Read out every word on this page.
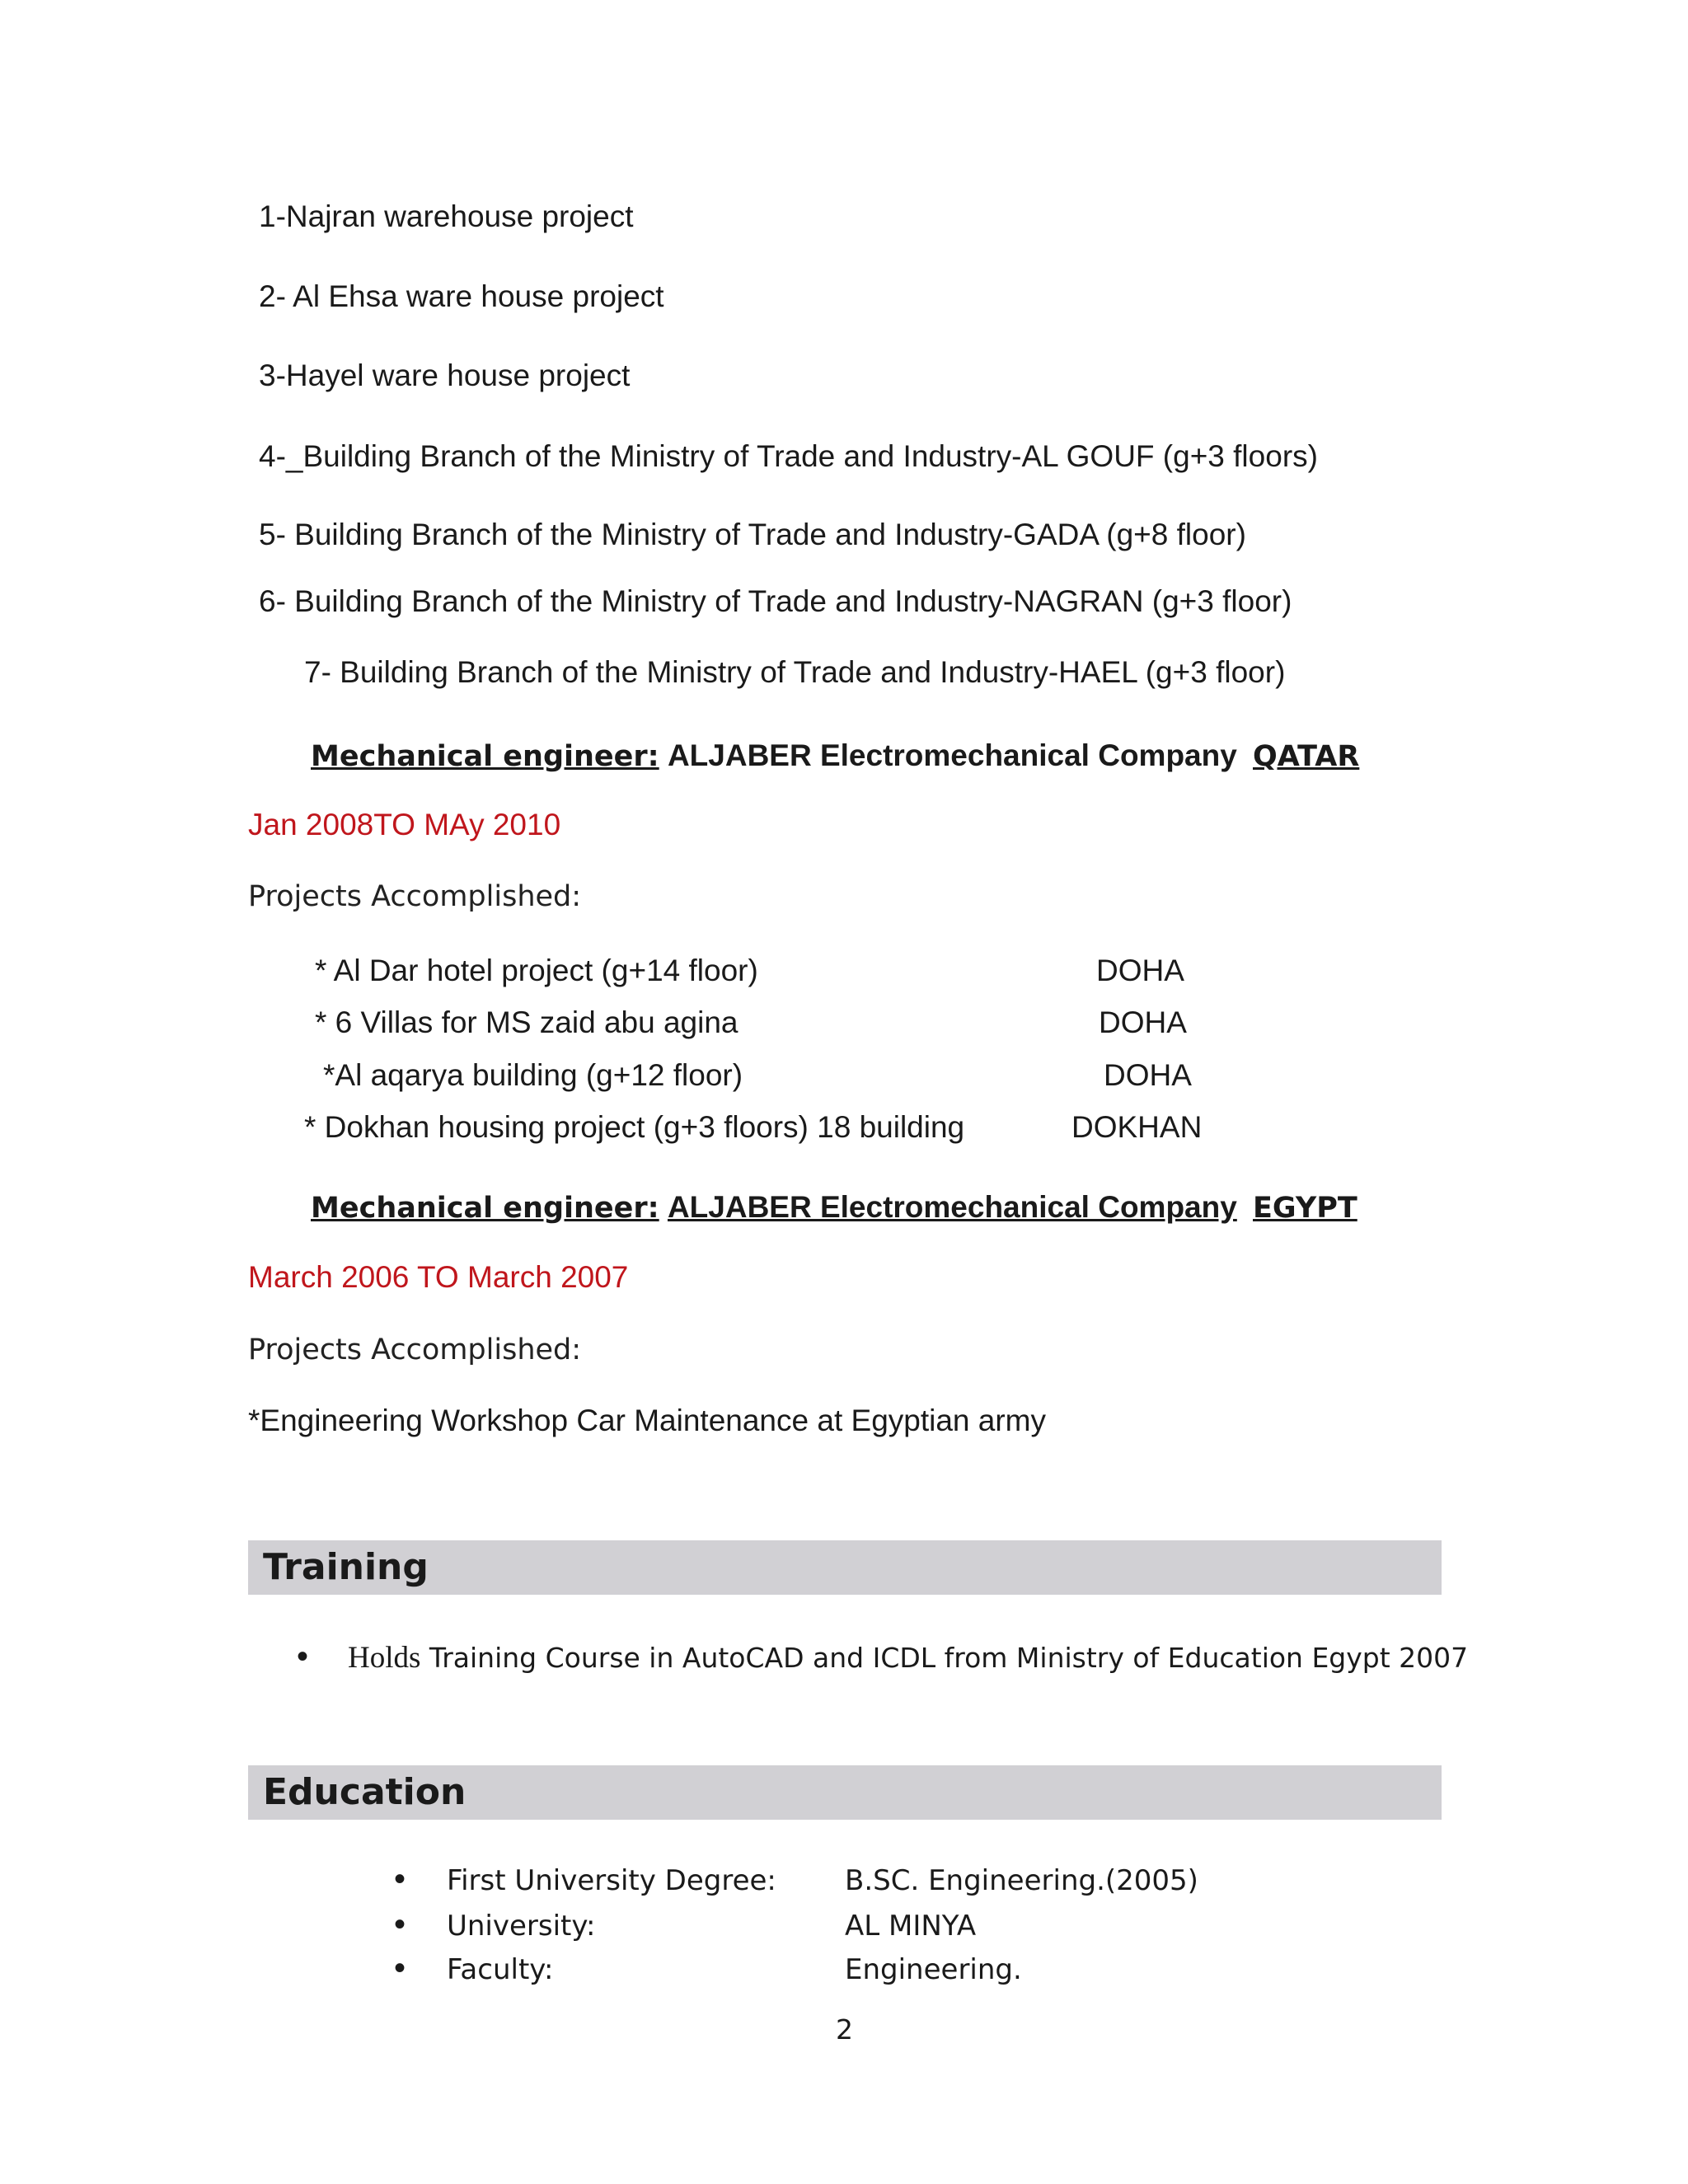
1-Najran warehouse project
2- Al Ehsa ware house project
3-Hayel ware house project
4-_Building Branch of the Ministry of Trade and Industry-AL GOUF (g+3 floors)
5- Building Branch of the Ministry of Trade and Industry-GADA (g+8 floor)
6- Building Branch of the Ministry of Trade and Industry-NAGRAN (g+3 floor)
7- Building Branch of the Ministry of Trade and Industry-HAEL (g+3 floor)
Mechanical engineer: ALJABER Electromechanical Company QATAR
Jan 2008TO MAy 2010
Projects Accomplished:
* Al Dar hotel project (g+14 floor)	DOHA
* 6 Villas for MS zaid abu agina	DOHA
*Al aqarya building (g+12 floor)	DOHA
* Dokhan housing project (g+3 floors) 18 building	DOKHAN
Mechanical engineer: ALJABER Electromechanical Company EGYPT
March 2006 TO March 2007
Projects Accomplished:
*Engineering Workshop Car Maintenance at Egyptian army
Training
• Holds Training Course in AutoCAD and ICDL from Ministry of Education Egypt 2007
Education
• First University Degree: B.SC. Engineering.(2005)
• University:	AL MINYA
• Faculty:	Engineering.
2
